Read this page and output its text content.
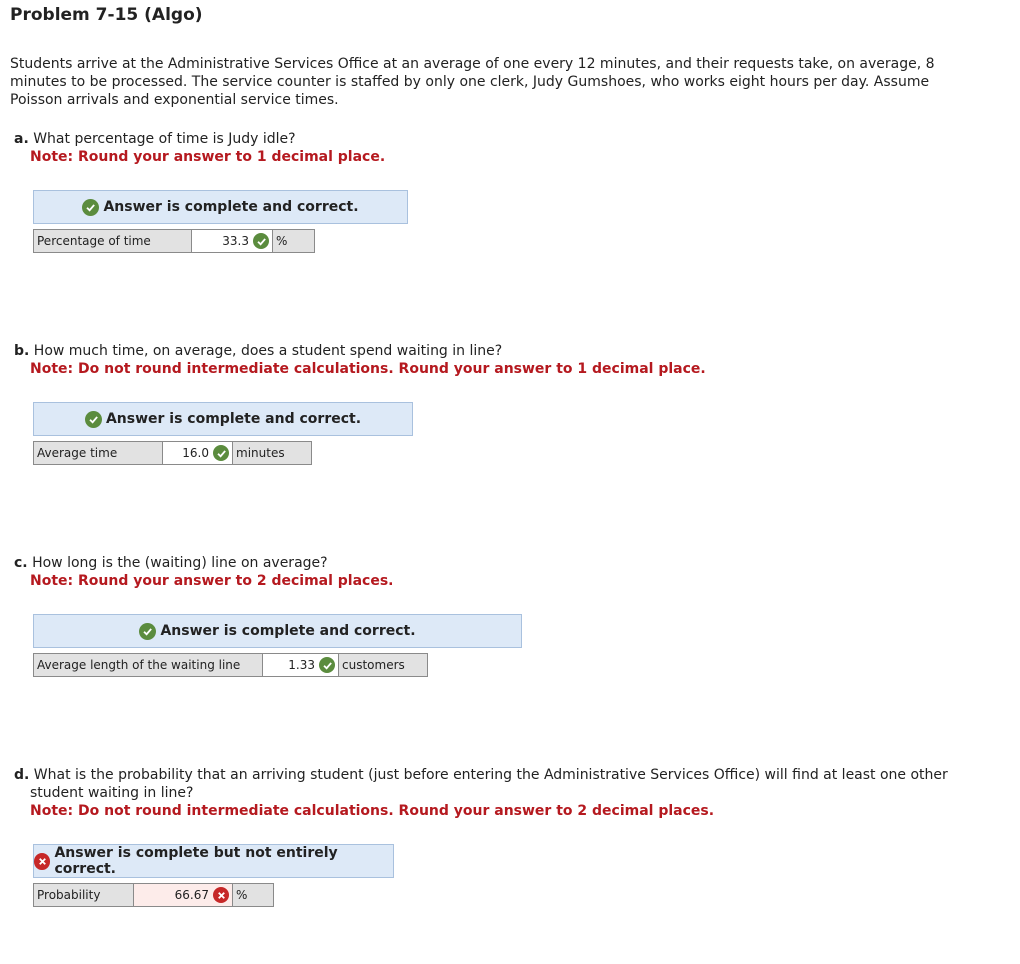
Problem 7-15 (Algo)
Students arrive at the Administrative Services Office at an average of one every 12 minutes, and their requests take, on average, 8 minutes to be processed. The service counter is staffed by only one clerk, Judy Gumshoes, who works eight hours per day. Assume Poisson arrivals and exponential service times.
a. What percentage of time is Judy idle?
Note: Round your answer to 1 decimal place.
Answer is complete and correct.
Percentage of time	33.3 %
b. How much time, on average, does a student spend waiting in line?
Note: Do not round intermediate calculations. Round your answer to 1 decimal place.
Answer is complete and correct.
Average time	16.0 minutes
c. How long is the (waiting) line on average?
Note: Round your answer to 2 decimal places.
Answer is complete and correct.
Average length of the waiting line	1.33 customers
d. What is the probability that an arriving student (just before entering the Administrative Services Office) will find at least one other
student waiting in line?
Note: Do not round intermediate calculations. Round your answer to 2 decimal places.
Answer is complete but not entirely correct.
Probability	66.67 %
